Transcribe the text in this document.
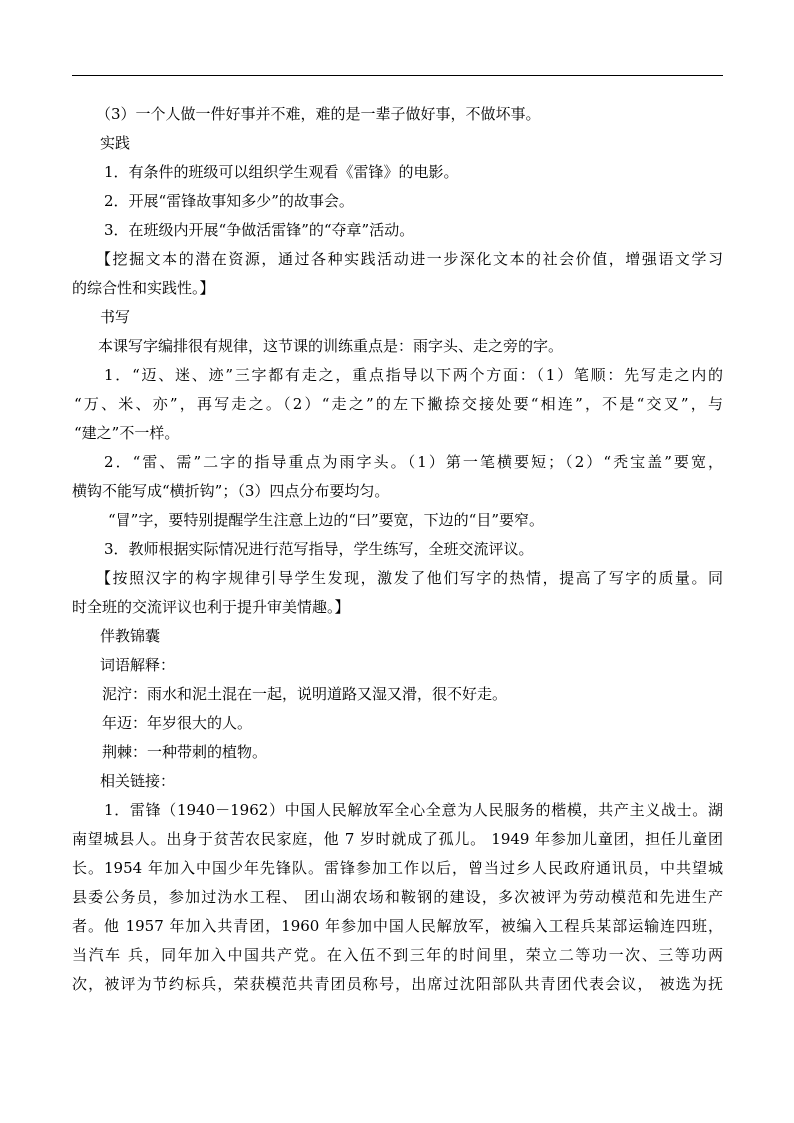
（3）一个人做一件好事并不难，难的是一辈子做好事，不做坏事。
实践
1．有条件的班级可以组织学生观看《雷锋》的电影。
2．开展“雷锋故事知多少”的故事会。
3．在班级内开展“争做活雷锋”的“夺章”活动。
【挖掘文本的潜在资源，通过各种实践活动进一步深化文本的社会价值，增强语文学习
的综合性和实践性。】
书写
本课写字编排很有规律，这节课的训练重点是：雨字头、走之旁的字。
1．“迈、迷、迹”三字都有走之，重点指导以下两个方面：（1）笔顺：先写走之内的
“万、米、亦”，再写走之。（2）“走之”的左下撇捺交接处要“相连”，不是“交叉”，与
“建之”不一样。
2．“雷、需”二字的指导重点为雨字头。（1）第一笔横要短；（2）“秃宝盖”要宽，
横钩不能写成“横折钩”；（3）四点分布要均匀。
“冒”字，要特别提醒学生注意上边的“曰”要宽，下边的“目”要窄。
3．教师根据实际情况进行范写指导，学生练写，全班交流评议。
【按照汉字的构字规律引导学生发现，激发了他们写字的热情，提高了写字的质量。同
时全班的交流评议也利于提升审美情趣。】
伴教锦囊
词语解释：
泥泞：雨水和泥土混在一起，说明道路又湿又滑，很不好走。
年迈：年岁很大的人。
荆棘：一种带刺的植物。
相关链接：
1．雷锋（1940－1962）中国人民解放军全心全意为人民服务的楷模，共产主义战士。湖
南望城县人。出身于贫苦农民家庭，他 7 岁时就成了孤儿。 1949 年参加儿童团，担任儿童团
长。1954 年加入中国少年先锋队。雷锋参加工作以后，曾当过乡人民政府通讯员，中共望城
县委公务员，参加过沩水工程、 团山湖农场和鞍钢的建设，多次被评为劳动模范和先进生产
者。他 1957 年加入共青团，1960 年参加中国人民解放军，被编入工程兵某部运输连四班，
当汽车 兵，同年加入中国共产党。在入伍不到三年的时间里，荣立二等功一次、三等功两
次，被评为节约标兵，荣获模范共青团员称号，出席过沈阳部队共青团代表会议， 被选为抚
